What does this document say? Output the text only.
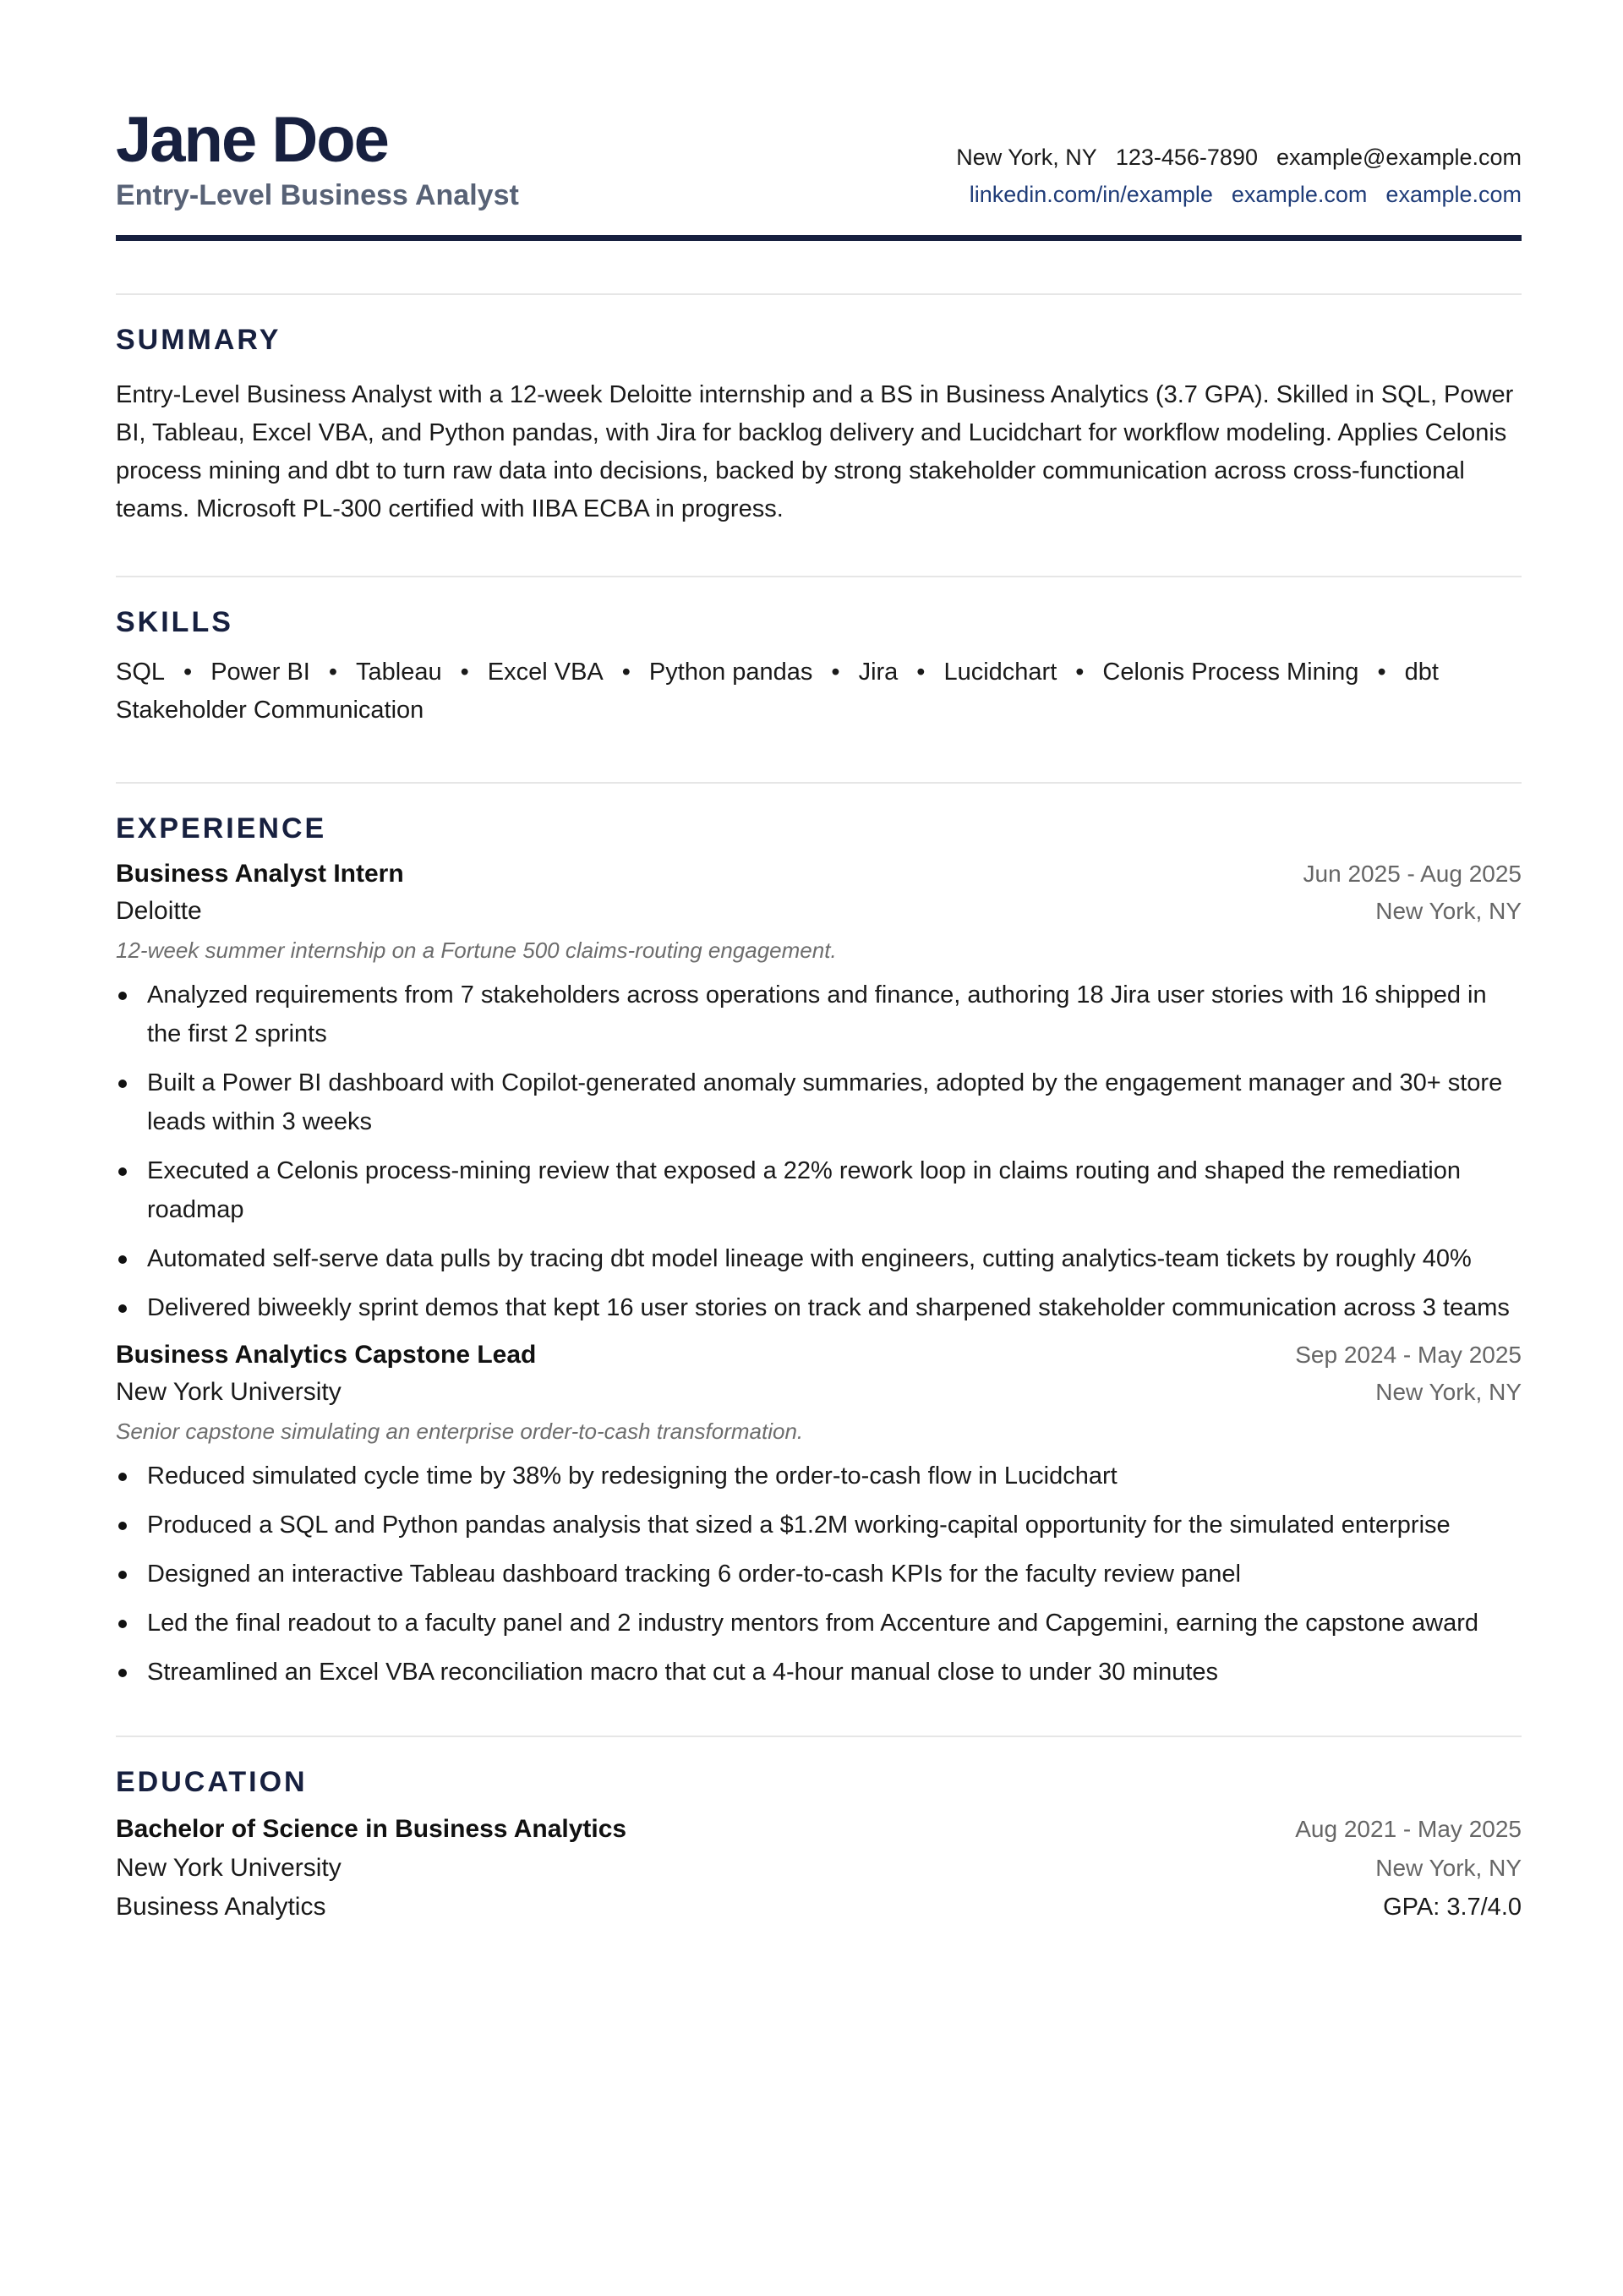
Jane Doe
Entry-Level Business Analyst
New York, NY 123-456-7890 example@example.com
linkedin.com/in/example example.com example.com
SUMMARY
Entry-Level Business Analyst with a 12-week Deloitte internship and a BS in Business Analytics (3.7 GPA). Skilled in SQL, Power BI, Tableau, Excel VBA, and Python pandas, with Jira for backlog delivery and Lucidchart for workflow modeling. Applies Celonis process mining and dbt to turn raw data into decisions, backed by strong stakeholder communication across cross-functional teams. Microsoft PL-300 certified with IIBA ECBA in progress.
SKILLS
SQL • Power BI • Tableau • Excel VBA • Python pandas • Jira • Lucidchart • Celonis Process Mining • dbt
Stakeholder Communication
EXPERIENCE
Business Analyst Intern	Jun 2025 - Aug 2025
Deloitte	New York, NY
12-week summer internship on a Fortune 500 claims-routing engagement.
Analyzed requirements from 7 stakeholders across operations and finance, authoring 18 Jira user stories with 16 shipped in the first 2 sprints
Built a Power BI dashboard with Copilot-generated anomaly summaries, adopted by the engagement manager and 30+ store leads within 3 weeks
Executed a Celonis process-mining review that exposed a 22% rework loop in claims routing and shaped the remediation roadmap
Automated self-serve data pulls by tracing dbt model lineage with engineers, cutting analytics-team tickets by roughly 40%
Delivered biweekly sprint demos that kept 16 user stories on track and sharpened stakeholder communication across 3 teams
Business Analytics Capstone Lead	Sep 2024 - May 2025
New York University	New York, NY
Senior capstone simulating an enterprise order-to-cash transformation.
Reduced simulated cycle time by 38% by redesigning the order-to-cash flow in Lucidchart
Produced a SQL and Python pandas analysis that sized a $1.2M working-capital opportunity for the simulated enterprise
Designed an interactive Tableau dashboard tracking 6 order-to-cash KPIs for the faculty review panel
Led the final readout to a faculty panel and 2 industry mentors from Accenture and Capgemini, earning the capstone award
Streamlined an Excel VBA reconciliation macro that cut a 4-hour manual close to under 30 minutes
EDUCATION
Bachelor of Science in Business Analytics	Aug 2021 - May 2025
New York University	New York, NY
Business Analytics	GPA: 3.7/4.0
